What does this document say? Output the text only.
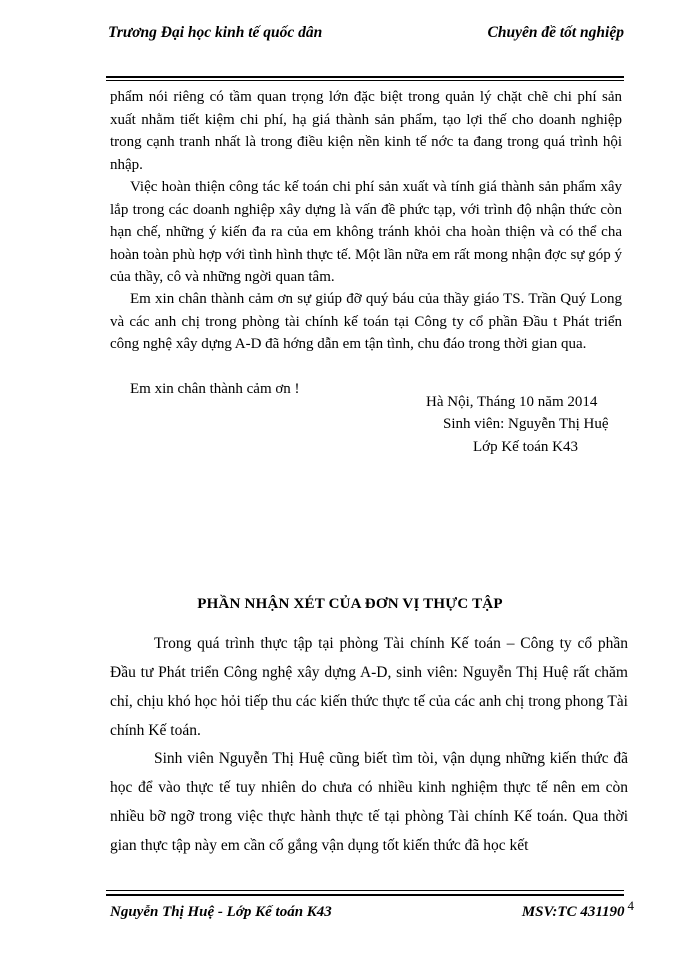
Trương Đại học kinh tế quốc dân	Chuyên đề tốt nghiệp
phẩm nói riêng có tầm quan trọng lớn đặc biệt trong quản lý chặt chẽ chi phí sản xuất nhằm tiết kiệm chi phí, hạ giá thành sản phẩm, tạo lợi thế cho doanh nghiệp trong cạnh tranh nhất là trong điều kiện nền kinh tế nớc ta đang trong quá trình hội nhập.
Việc hoàn thiện công tác kế toán chi phí sản xuất và tính giá thành sản phẩm xây lắp trong các doanh nghiệp xây dựng là vấn đề phức tạp, với trình độ nhận thức còn hạn chế, những ý kiến đa ra của em không tránh khỏi cha hoàn thiện và có thể cha hoàn toàn phù hợp với tình hình thực tế. Một lần nữa em rất mong nhận đợc sự góp ý của thầy, cô và những ngời quan tâm.
Em xin chân thành cảm ơn sự giúp đỡ quý báu của thầy giáo TS. Trần Quý Long và các anh chị trong phòng tài chính kế toán tại Công ty cổ phần Đầu t Phát triển công nghệ xây dựng A-D đã hớng dẫn em tận tình, chu đáo trong thời gian qua.
Em xin chân thành cảm ơn !
Hà Nội, Tháng 10 năm 2014
Sinh viên: Nguyễn Thị Huệ
Lớp Kế toán K43
PHẦN NHẬN XÉT CỦA ĐƠN VỊ THỰC TẬP
Trong quá trình thực tập tại phòng Tài chính Kế toán – Công ty cổ phần Đầu tư Phát triển Công nghệ xây dựng A-D, sinh viên: Nguyễn Thị Huệ rất chăm chỉ, chịu khó học hỏi tiếp thu các kiến thức thực tế của các anh chị trong phong Tài chính Kế toán.
Sinh viên Nguyễn Thị Huệ cũng biết tìm tòi, vận dụng những kiến thức đã học để vào thực tế tuy nhiên do chưa có nhiều kinh nghiệm thực tế nên em còn nhiều bỡ ngỡ trong việc thực hành thực tế tại phòng Tài chính Kế toán. Qua thời gian thực tập này em cần cố gắng vận dụng tốt kiến thức đã học kết
Nguyễn Thị Huệ - Lớp Kế toán K43	MSV:TC 431190 4
